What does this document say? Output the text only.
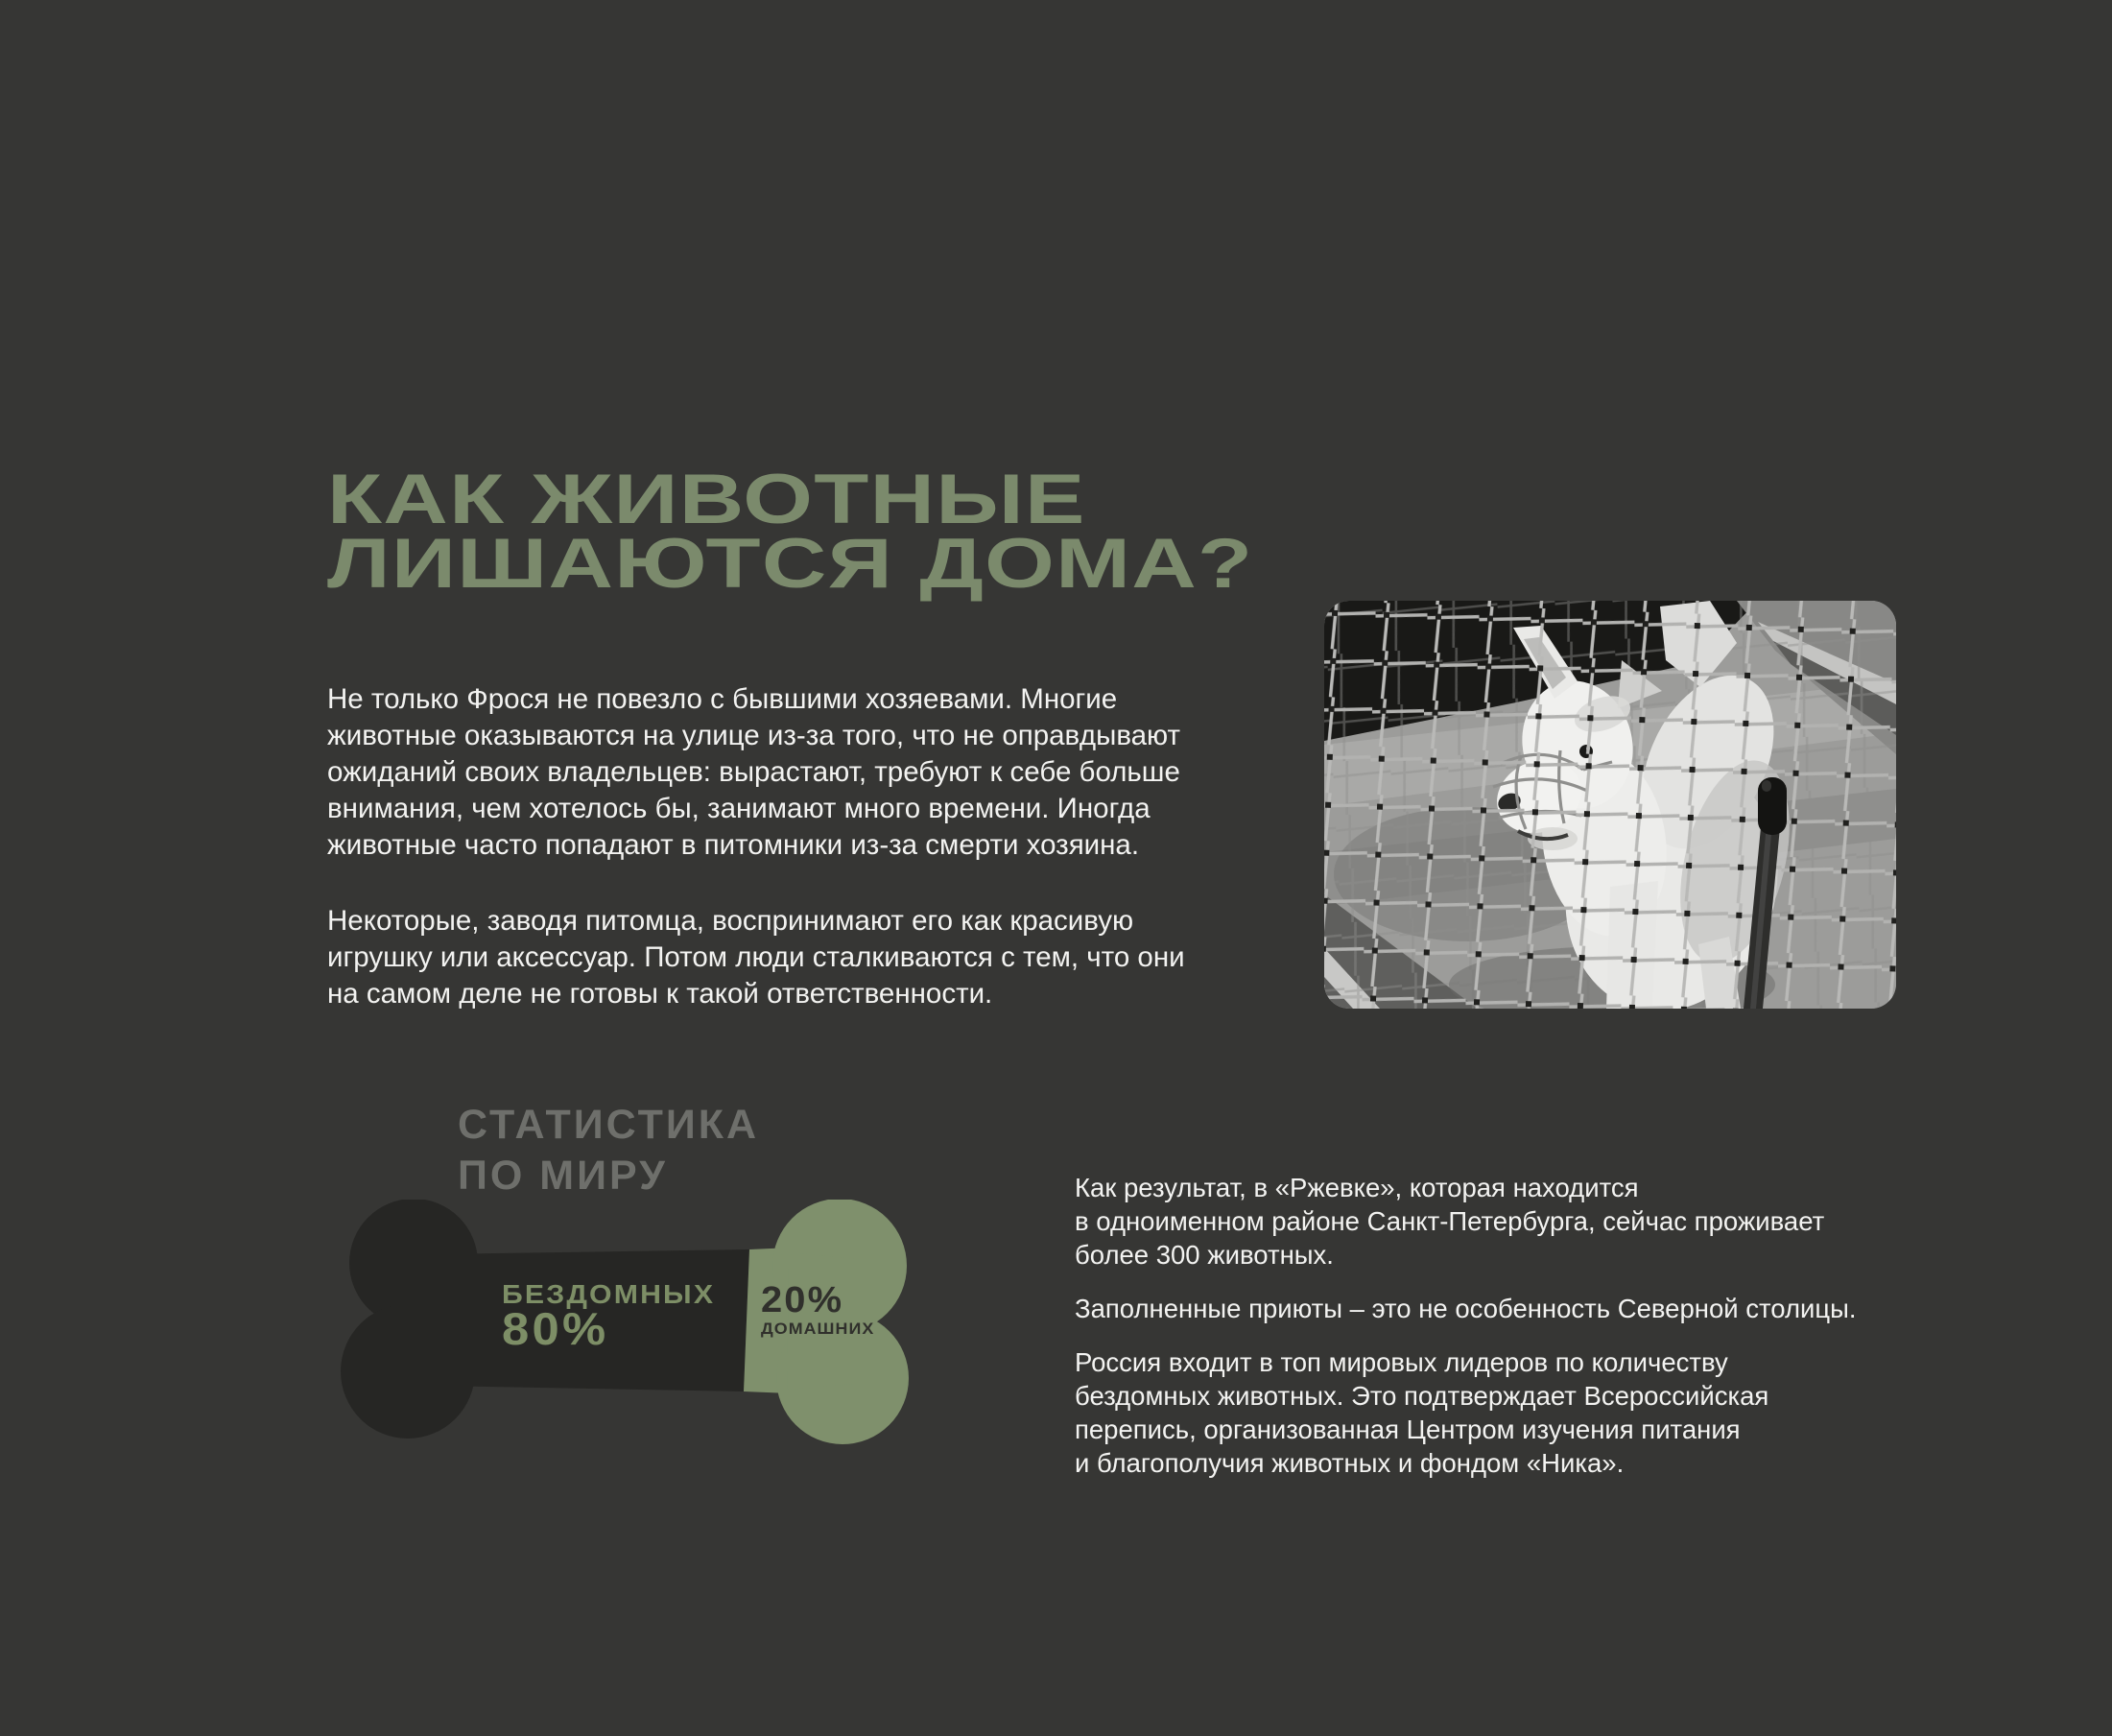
КАК ЖИВОТНЫЕ
ЛИШАЮТСЯ ДОМА?

Не только Фрося не повезло с бывшими хозяевами. Многие
животные оказываются на улице из-за того, что не оправдывают
ожиданий своих владельцев: вырастают, требуют к себе больше
внимания, чем хотелось бы, занимают много времени. Иногда
животные часто попадают в питомники из-за смерти хозяина.

Некоторые, заводя питомца, воспринимают его как красивую
игрушку или аксессуар. Потом люди сталкиваются с тем, что они
на самом деле не готовы к такой ответственности.

СТАТИСТИКА
ПО МИРУ
БЕЗДОМНЫХ
80%
20%
ДОМАШНИХ

Как результат, в «Ржевке», которая находится
в одноименном районе Санкт-Петербурга, сейчас проживает
более 300 животных.

Заполненные приюты – это не особенность Северной столицы.

Россия входит в топ мировых лидеров по количеству
бездомных животных. Это подтверждает Всероссийская
перепись, организованная Центром изучения питания
и благополучия животных и фондом «Ника».
